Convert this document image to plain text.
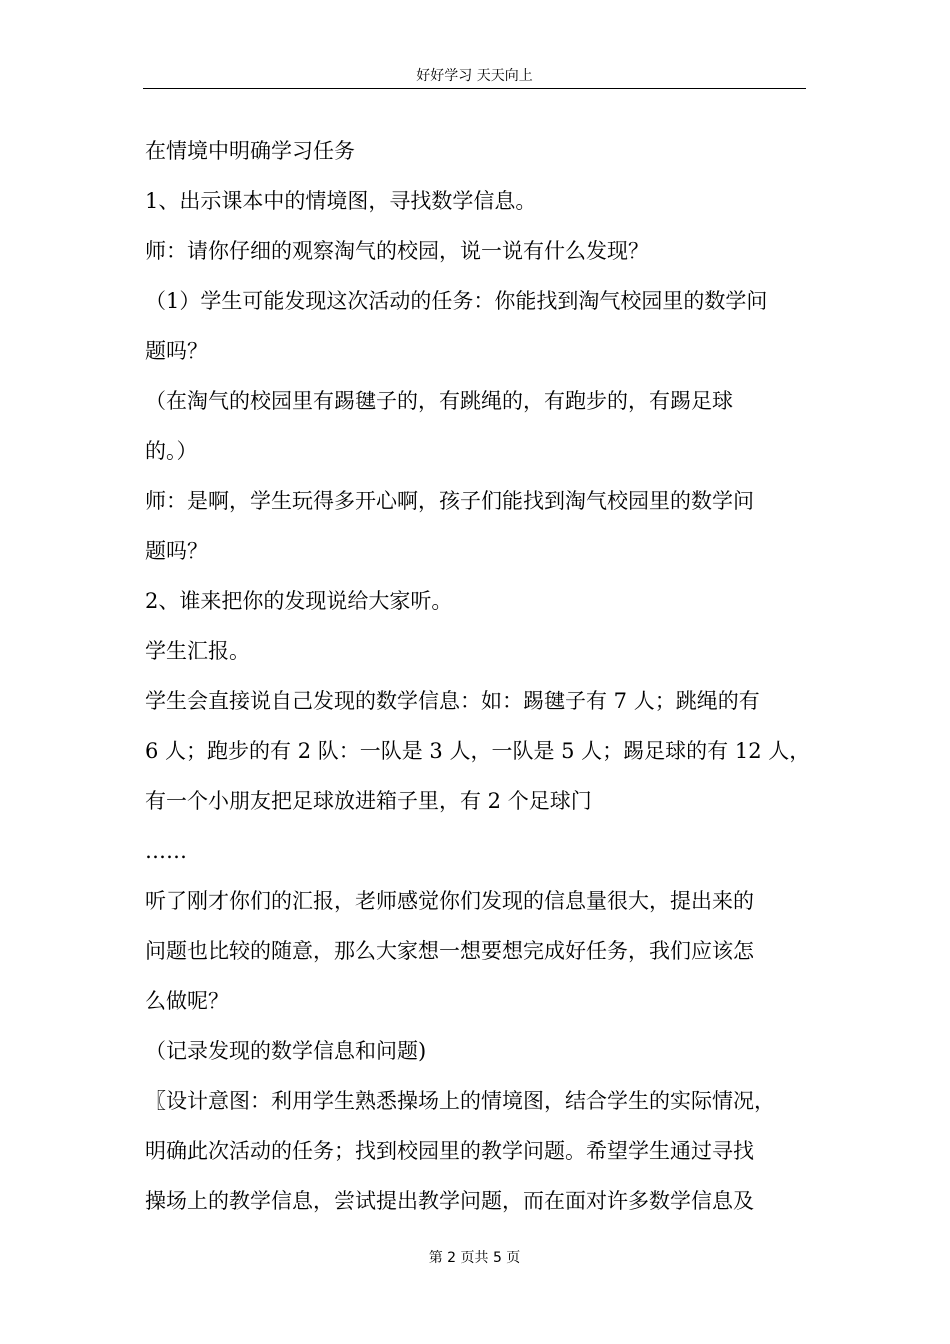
好好学习 天天向上

在情境中明确学习任务

1、出示课本中的情境图，寻找数学信息。

师：请你仔细的观察淘气的校园，说一说有什么发现？

（1）学生可能发现这次活动的任务：你能找到淘气校园里的数学问

题吗？

（在淘气的校园里有踢毽子的，有跳绳的，有跑步的，有踢足球

的。）

师：是啊，学生玩得多开心啊，孩子们能找到淘气校园里的数学问

题吗？

2、谁来把你的发现说给大家听。

学生汇报。

学生会直接说自己发现的数学信息：如：踢毽子有 7 人；跳绳的有

6 人；跑步的有 2 队：一队是 3 人，一队是 5 人；踢足球的有 12 人，

有一个小朋友把足球放进箱子里，有 2 个足球门

……

听了刚才你们的汇报，老师感觉你们发现的信息量很大，提出来的

问题也比较的随意，那么大家想一想要想完成好任务，我们应该怎

么做呢？

（记录发现的数学信息和问题)

〖设计意图：利用学生熟悉操场上的情境图，结合学生的实际情况，

明确此次活动的任务；找到校园里的教学问题。希望学生通过寻找

操场上的教学信息，尝试提出教学问题，而在面对许多数学信息及

第 2 页共 5 页
